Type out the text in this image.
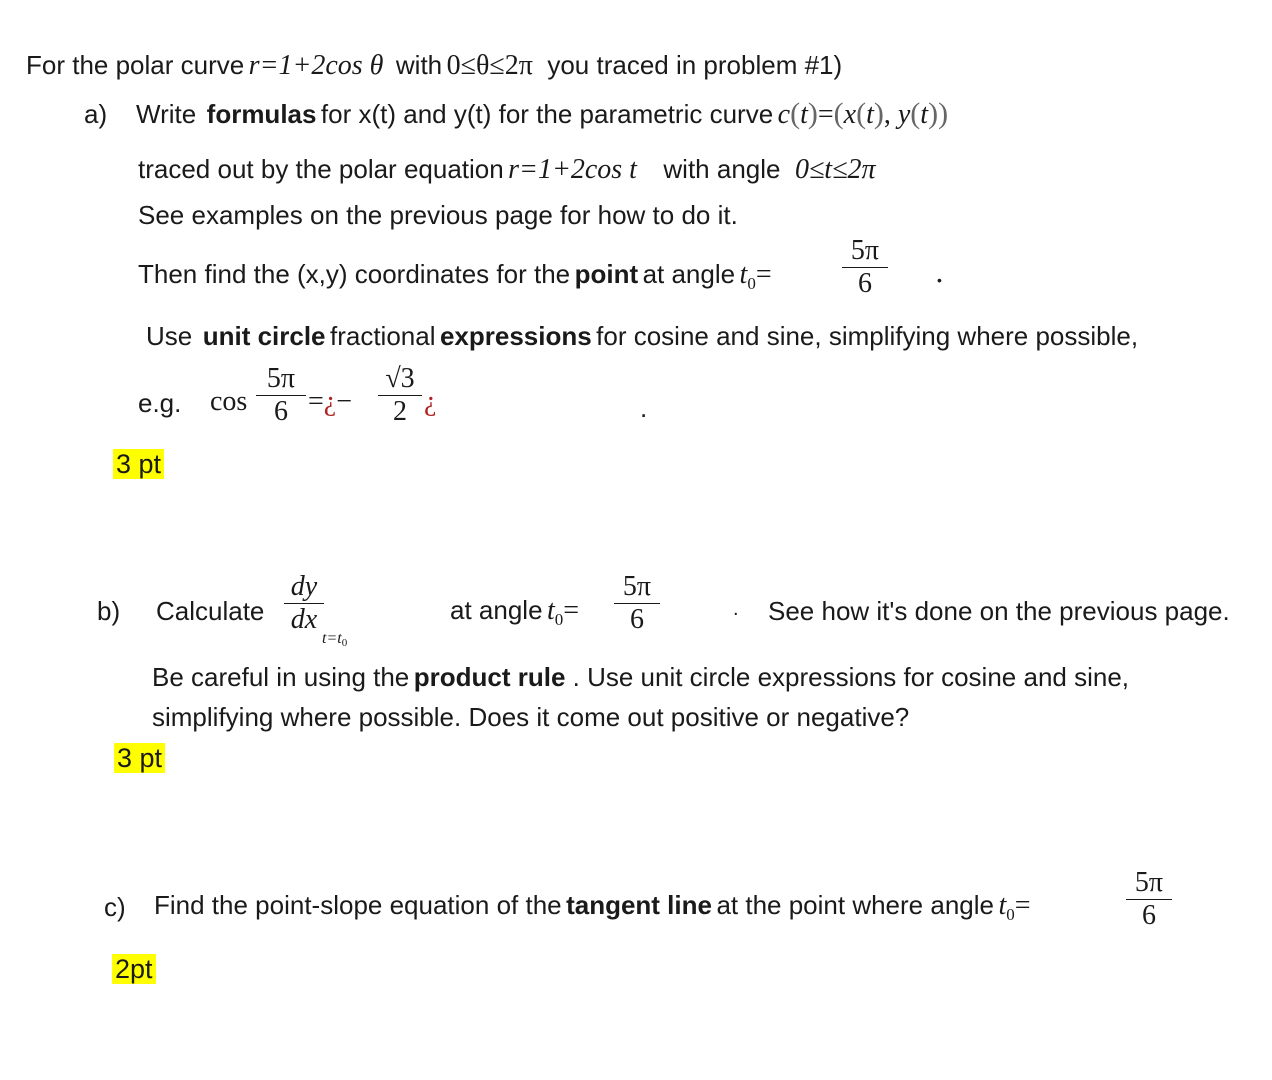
For the polar curve r=1+2cos θ with 0≤θ≤2π you traced in problem #1)
a) Write formulas for x(t) and y(t) for the parametric curve c(t)=(x(t), y(t))
traced out by the polar equation r=1+2cos t with angle 0≤t≤2π
See examples on the previous page for how to do it.
Then find the (x,y) coordinates for the point at angle t0=
5π
6	•
Use unit circle fractional expressions for cosine and sine, simplifying where possible,
e.g. cos
5π
6 =¿−
√3
2 ¿	.
3 pt
b) Calculate
dy
dx
t=t0
at angle t0=
5π
6	. See how it's done on the previous page.
Be careful in using the product rule . Use unit circle expressions for cosine and sine,
simplifying where possible. Does it come out positive or negative?
3 pt
c) Find the point-slope equation of the tangent line at the point where angle t0=
5π
6
2pt
